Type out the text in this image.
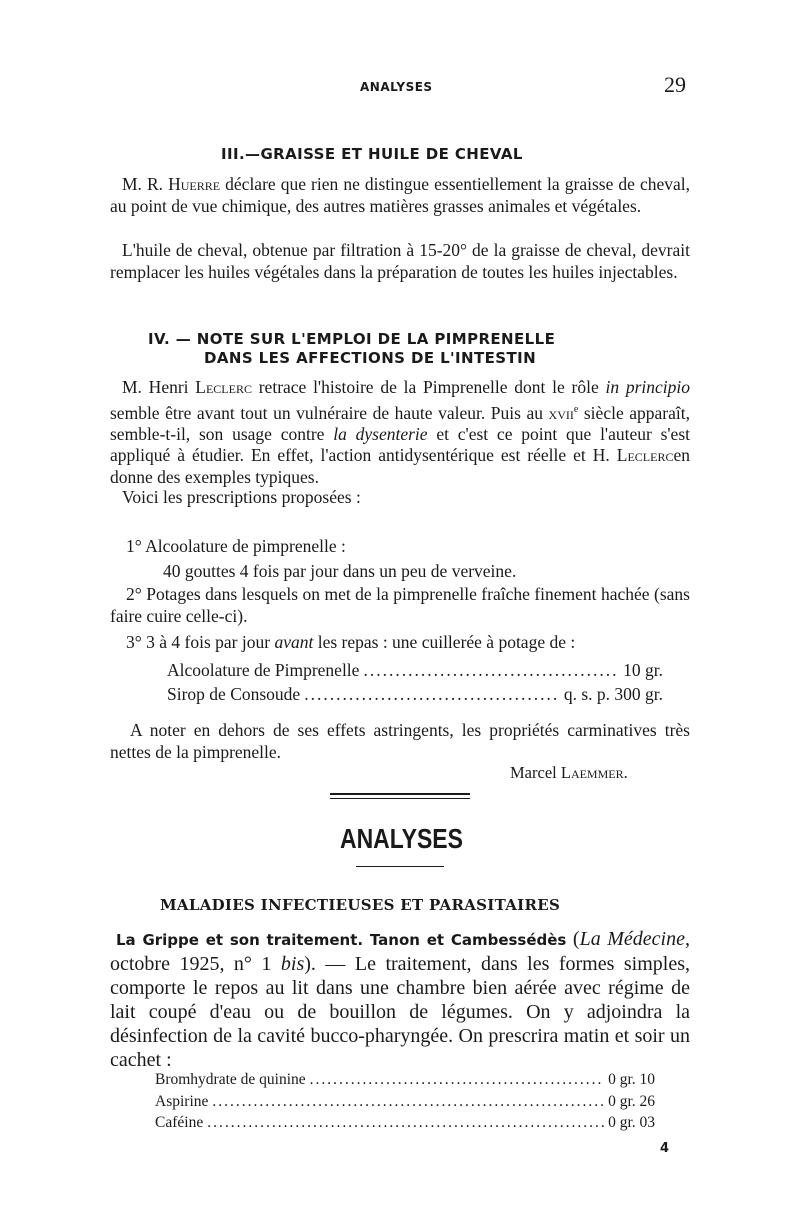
ANALYSES	29
III.—GRAISSE ET HUILE DE CHEVAL

M. R. Huerre déclare que rien ne distingue essentiellement la graisse de cheval, au point de vue chimique, des autres matières grasses animales et végétales.

L'huile de cheval, obtenue par filtration à 15-20° de la graisse de cheval, devrait remplacer les huiles végétales dans la préparation de toutes les huiles injectables.

IV. — NOTE SUR L'EMPLOI DE LA PIMPRENELLE
DANS LES AFFECTIONS DE L'INTESTIN

M. Henri Leclerc retrace l'histoire de la Pimprenelle dont le rôle in principio semble être avant tout un vulnéraire de haute valeur. Puis au xvii$^e$ siècle apparaît, semble-t-il, son usage contre la dysenterie et c'est ce point que l'auteur s'est appliqué à étudier. En effet, l'action antidysentérique est réelle et H. Leclercen donne des exemples typiques.

Voici les prescriptions proposées :

1° Alcoolature de pimprenelle :
40 gouttes 4 fois par jour dans un peu de verveine.

2° Potages dans lesquels on met de la pimprenelle fraîche finement hachée (sans faire cuire celle-ci).

3° 3 à 4 fois par jour avant les repas : une cuillerée à potage de :
Alcoolature de Pimprenelle .....	10 gr.
Sirop de Consoude .....	q. s. p. 300 gr.

A noter en dehors de ses effets astringents, les propriétés carminatives très nettes de la pimprenelle.

Marcel Laemmer.
ANALYSES
MALADIES INFECTIEUSES ET PARASITAIRES

La Grippe et son traitement. Tanon et Cambessédès (La Médecine, octobre 1925, n° 1 bis). — Le traitement, dans les formes simples, comporte le repos au lit dans une chambre bien aérée avec régime de lait coupé d'eau ou de bouillon de légumes. On y adjoindra la désinfection de la cavité bucco-pharyngée. On prescrira matin et soir un cachet :

Bromhydrate de quinine .....	0 gr. 10
Aspirine .....	0 gr. 26
Caféine .....	0 gr. 03
4
